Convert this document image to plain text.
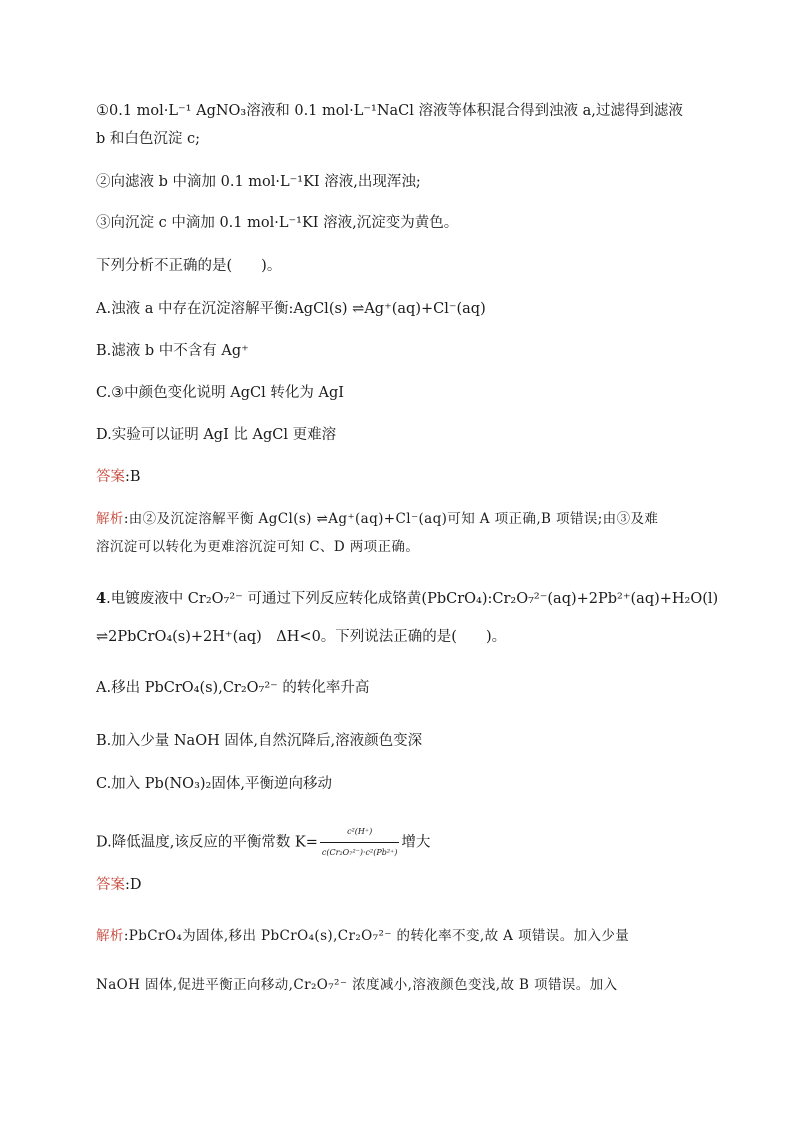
①0.1 mol·L⁻¹ AgNO₃溶液和 0.1 mol·L⁻¹NaCl 溶液等体积混合得到浊液 a,过滤得到滤液
b 和白色沉淀 c;
②向滤液 b 中滴加 0.1 mol·L⁻¹KI 溶液,出现浑浊;
③向沉淀 c 中滴加 0.1 mol·L⁻¹KI 溶液,沉淀变为黄色。
下列分析不正确的是(　　)。
A.浊液 a 中存在沉淀溶解平衡:AgCl(s) ⇌Ag⁺(aq)+Cl⁻(aq)
B.滤液 b 中不含有 Ag⁺
C.③中颜色变化说明 AgCl 转化为 AgI
D.实验可以证明 AgI 比 AgCl 更难溶
答案:B
解析:由②及沉淀溶解平衡 AgCl(s) ⇌Ag⁺(aq)+Cl⁻(aq)可知 A 项正确,B 项错误;由③及难
溶沉淀可以转化为更难溶沉淀可知 C、D 两项正确。
4.电镀废液中 Cr₂O₇²⁻ 可通过下列反应转化成铬黄(PbCrO₄):Cr₂O₇²⁻(aq)+2Pb²⁺(aq)+H₂O(l)
⇌2PbCrO₄(s)+2H⁺(aq)　ΔH<0。下列说法正确的是(　　)。
A.移出 PbCrO₄(s),Cr₂O₇²⁻ 的转化率升高
B.加入少量 NaOH 固体,自然沉降后,溶液颜色变深
C.加入 Pb(NO₃)₂固体,平衡逆向移动
D.降低温度,该反应的平衡常数 $K= \frac{\text{c²(H⁺)}}{\text{c(Cr₂O₇²⁻)·c²(Pb²⁺)}}$ 增大
答案:D
解析:PbCrO₄为固体,移出 PbCrO₄(s),Cr₂O₇²⁻ 的转化率不变,故 A 项错误。加入少量
NaOH 固体,促进平衡正向移动,Cr₂O₇²⁻ 浓度减小,溶液颜色变浅,故 B 项错误。加入
